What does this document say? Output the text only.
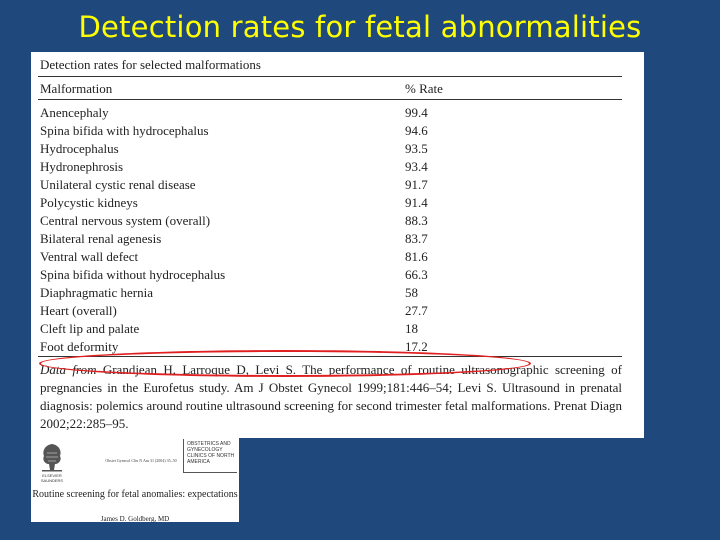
Detection rates for fetal abnormalities
Detection rates for selected malformations
Malformation	% Rate
Anencephaly	99.4
Spina bifida with hydrocephalus	94.6
Hydrocephalus	93.5
Hydronephrosis	93.4
Unilateral cystic renal disease	91.7
Polycystic kidneys	91.4
Central nervous system (overall)	88.3
Bilateral renal agenesis	83.7
Ventral wall defect	81.6
Spina bifida without hydrocephalus	66.3
Diaphragmatic hernia	58
Heart (overall)	27.7
Cleft lip and palate	18
Foot deformity	17.2
Data from Grandjean H, Larroque D, Levi S. The performance of routine ultrasonographic screening of pregnancies in the Eurofetus study. Am J Obstet Gynecol 1999;181:446–54; Levi S. Ultrasound in prenatal diagnosis: polemics around routine ultrasound screening for second trimester fetal malformations. Prenat Diagn 2002;22:285–95.
ELSEVIER SAUNDERS
Obstet Gynecol Clin N Am 31 (2004) 35–50
OBSTETRICS AND GYNECOLOGY CLINICS OF NORTH AMERICA
Routine screening for fetal anomalies: expectations
James D. Goldberg, MD
